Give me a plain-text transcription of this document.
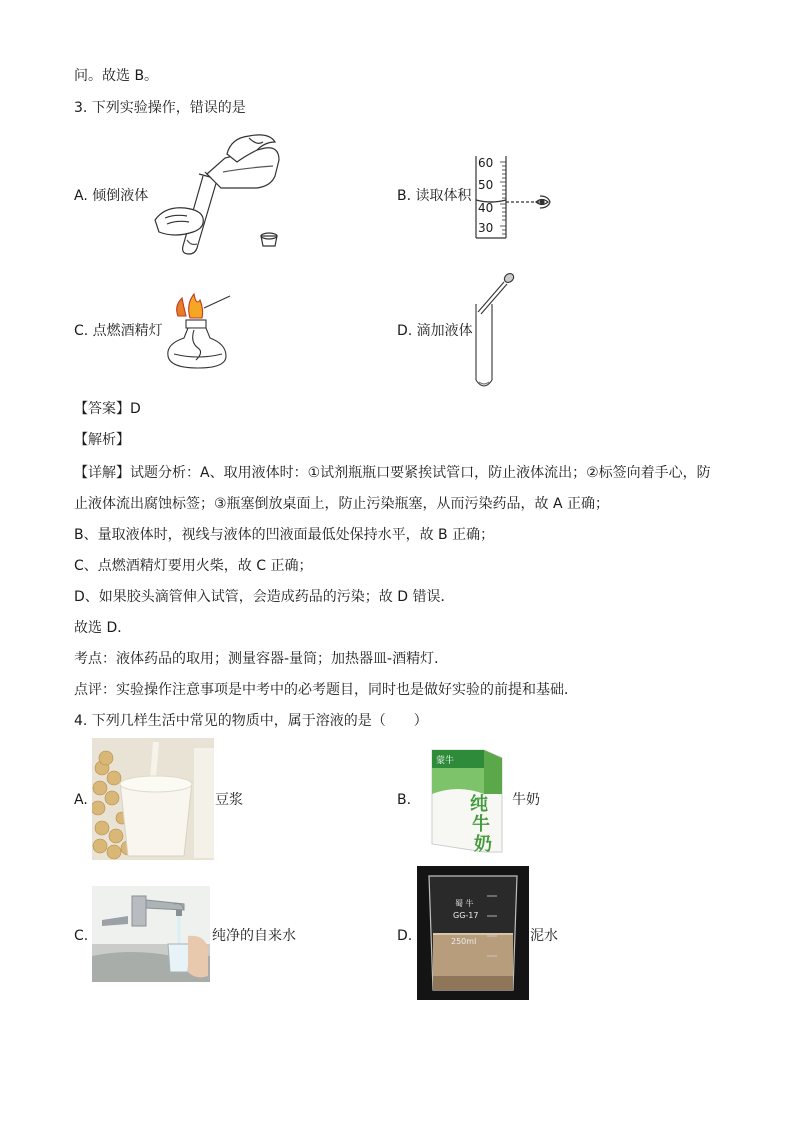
问。故选 B。
3. 下列实验操作，错误的是
A. 倾倒液体	B. 读取体积
C. 点燃酒精灯	D. 滴加液体
60
50
40
30
【答案】D
【解析】
【详解】试题分析：A、取用液体时：①试剂瓶瓶口要紧挨试管口，防止液体流出；②标签向着手心，防
止液体流出腐蚀标签；③瓶塞倒放桌面上，防止污染瓶塞，从而污染药品，故 A 正确；
B、量取液体时，视线与液体的凹液面最低处保持水平，故 B 正确；
C、点燃酒精灯要用火柴，故 C 正确；
D、如果胶头滴管伸入试管，会造成药品的污染；故 D 错误．
故选 D．
考点：液体药品的取用；测量容器-量筒；加热器皿-酒精灯．
点评：实验操作注意事项是中考中的必考题目，同时也是做好实验的前提和基础．
4. 下列几样生活中常见的物质中，属于溶液的是（　　）
A.	豆浆	B.	牛奶
C.	纯净的自来水	D.	泥水
蒙牛
纯
牛
奶
蜀 牛
GG-17
250ml
